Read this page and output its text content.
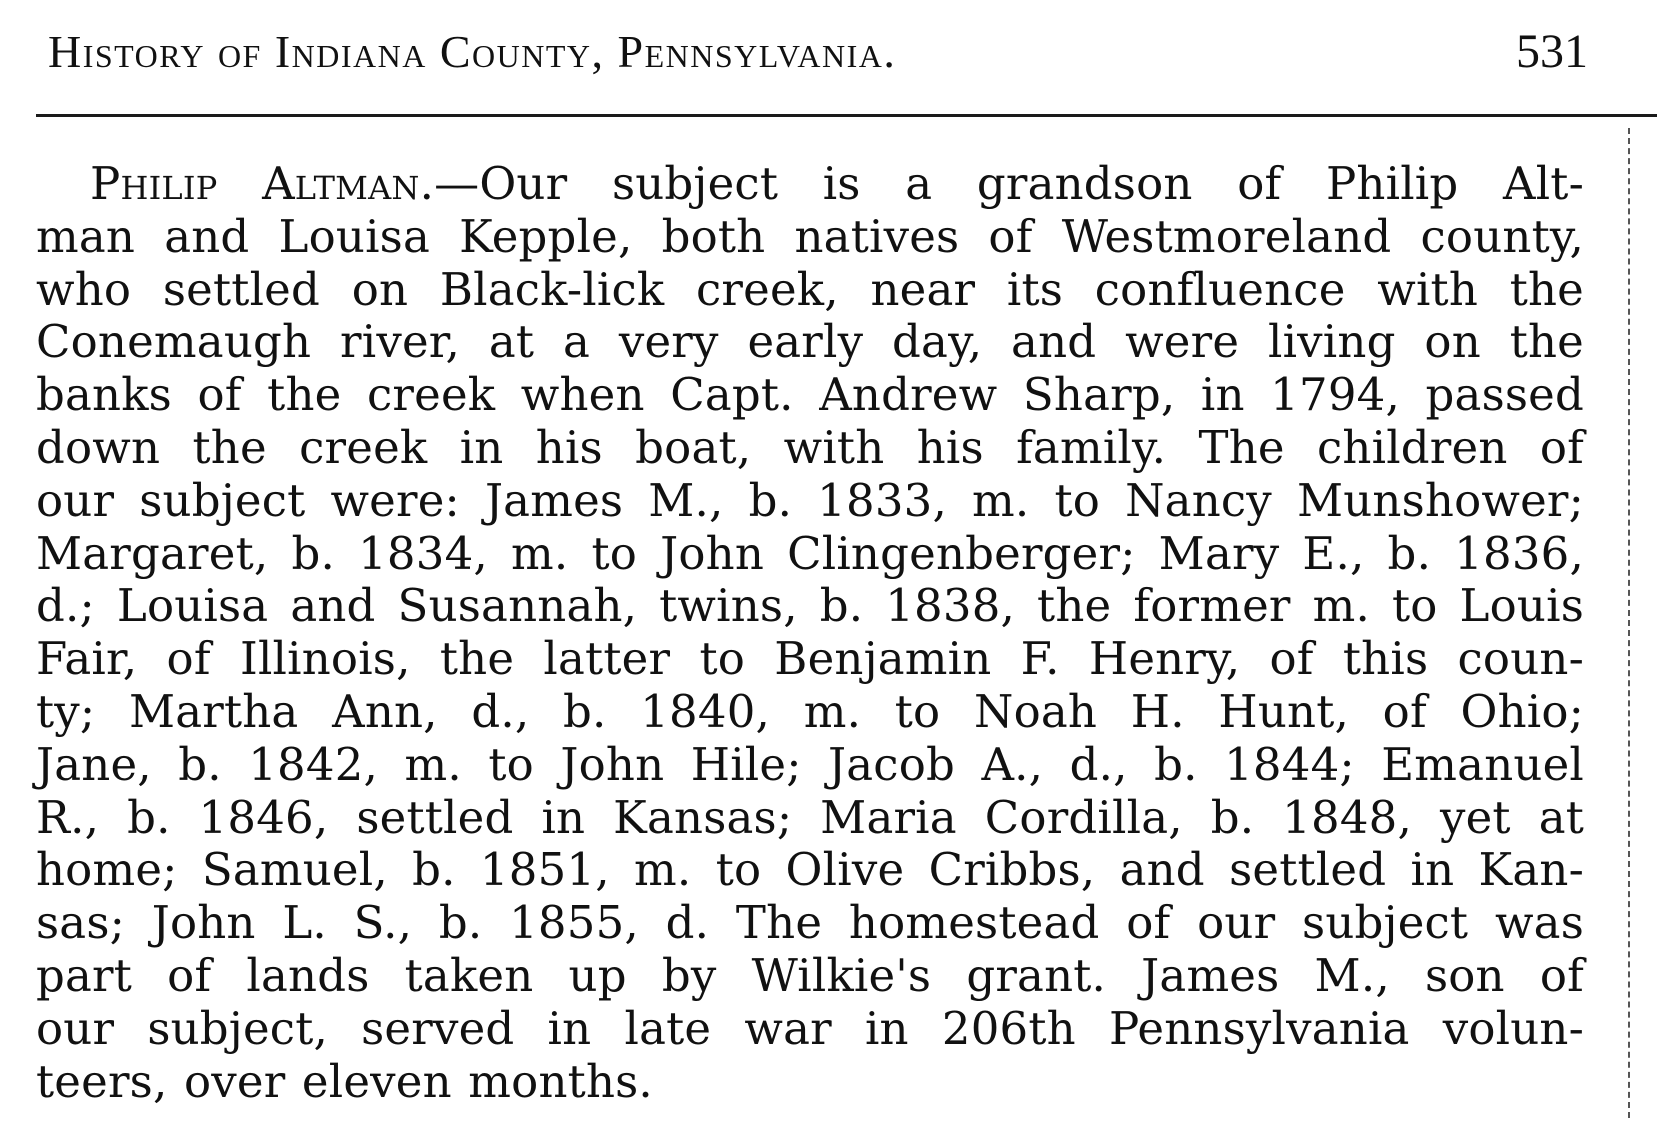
History of Indiana County, Pennsylvania.	531
Philip Altman.—Our subject is a grandson of Philip Alt-
man and Louisa Kepple, both natives of Westmoreland county,
who settled on Black-lick creek, near its confluence with the
Conemaugh river, at a very early day, and were living on the
banks of the creek when Capt. Andrew Sharp, in 1794, passed
down the creek in his boat, with his family. The children of
our subject were: James M., b. 1833, m. to Nancy Munshower;
Margaret, b. 1834, m. to John Clingenberger; Mary E., b. 1836,
d.; Louisa and Susannah, twins, b. 1838, the former m. to Louis
Fair, of Illinois, the latter to Benjamin F. Henry, of this coun-
ty; Martha Ann, d., b. 1840, m. to Noah H. Hunt, of Ohio;
Jane, b. 1842, m. to John Hile; Jacob A., d., b. 1844; Emanuel
R., b. 1846, settled in Kansas; Maria Cordilla, b. 1848, yet at
home; Samuel, b. 1851, m. to Olive Cribbs, and settled in Kan-
sas; John L. S., b. 1855, d. The homestead of our subject was
part of lands taken up by Wilkie's grant. James M., son of
our subject, served in late war in 206th Pennsylvania volun-
teers, over eleven months.
